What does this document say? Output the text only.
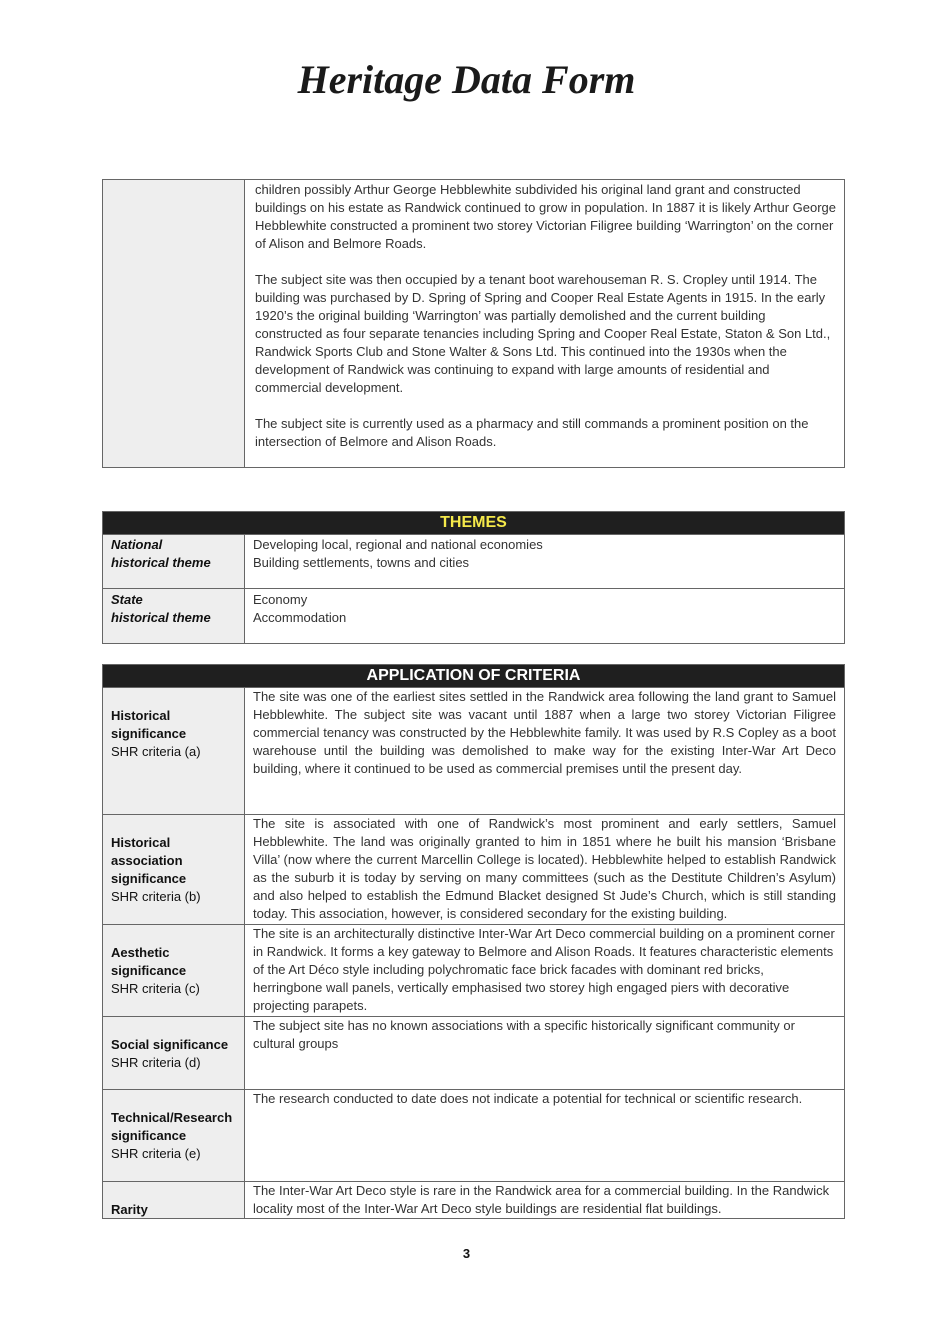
Heritage Data Form

children possibly Arthur George Hebblewhite subdivided his original land grant and constructed buildings on his estate as Randwick continued to grow in population. In 1887 it is likely Arthur George Hebblewhite constructed a prominent two storey Victorian Filigree building ‘Warrington’ on the corner of Alison and Belmore Roads.

The subject site was then occupied by a tenant boot warehouseman R. S. Cropley until 1914. The building was purchased by D. Spring of Spring and Cooper Real Estate Agents in 1915. In the early 1920’s the original building ‘Warrington’ was partially demolished and the current building constructed as four separate tenancies including Spring and Cooper Real Estate, Staton & Son Ltd., Randwick Sports Club and Stone Walter & Sons Ltd. This continued into the 1930s when the development of Randwick was continuing to expand with large amounts of residential and commercial development.

The subject site is currently used as a pharmacy and still commands a prominent position on the intersection of Belmore and Alison Roads.

THEMES
National
historical theme
Developing local, regional and national economies
Building settlements, towns and cities
State
historical theme
Economy
Accommodation
APPLICATION OF CRITERIA
Historical
significance
SHR criteria (a)
The site was one of the earliest sites settled in the Randwick area following the land grant to Samuel Hebblewhite. The subject site was vacant until 1887 when a large two storey Victorian Filigree commercial tenancy was constructed by the Hebblewhite family. It was used by R.S Copley as a boot warehouse until the building was demolished to make way for the existing Inter-War Art Deco building, where it continued to be used as commercial premises until the present day.
Historical
association
significance
SHR criteria (b)
The site is associated with one of Randwick’s most prominent and early settlers, Samuel Hebblewhite. The land was originally granted to him in 1851 where he built his mansion ‘Brisbane Villa’ (now where the current Marcellin College is located). Hebblewhite helped to establish Randwick as the suburb it is today by serving on many committees (such as the Destitute Children’s Asylum) and also helped to establish the Edmund Blacket designed St Jude’s Church, which is still standing today. This association, however, is considered secondary for the existing building.
Aesthetic
significance
SHR criteria (c)
The site is an architecturally distinctive Inter-War Art Deco commercial building on a prominent corner in Randwick. It forms a key gateway to Belmore and Alison Roads. It features characteristic elements of the Art Déco style including polychromatic face brick facades with dominant red bricks, herringbone wall panels, vertically emphasised two storey high engaged piers with decorative projecting parapets.
Social significance
SHR criteria (d)
The subject site has no known associations with a specific historically significant community or cultural groups
Technical/Research
significance
SHR criteria (e)
The research conducted to date does not indicate a potential for technical or scientific research.
Rarity
The Inter-War Art Deco style is rare in the Randwick area for a commercial building. In the Randwick locality most of the Inter-War Art Deco style buildings are residential flat buildings.
3
